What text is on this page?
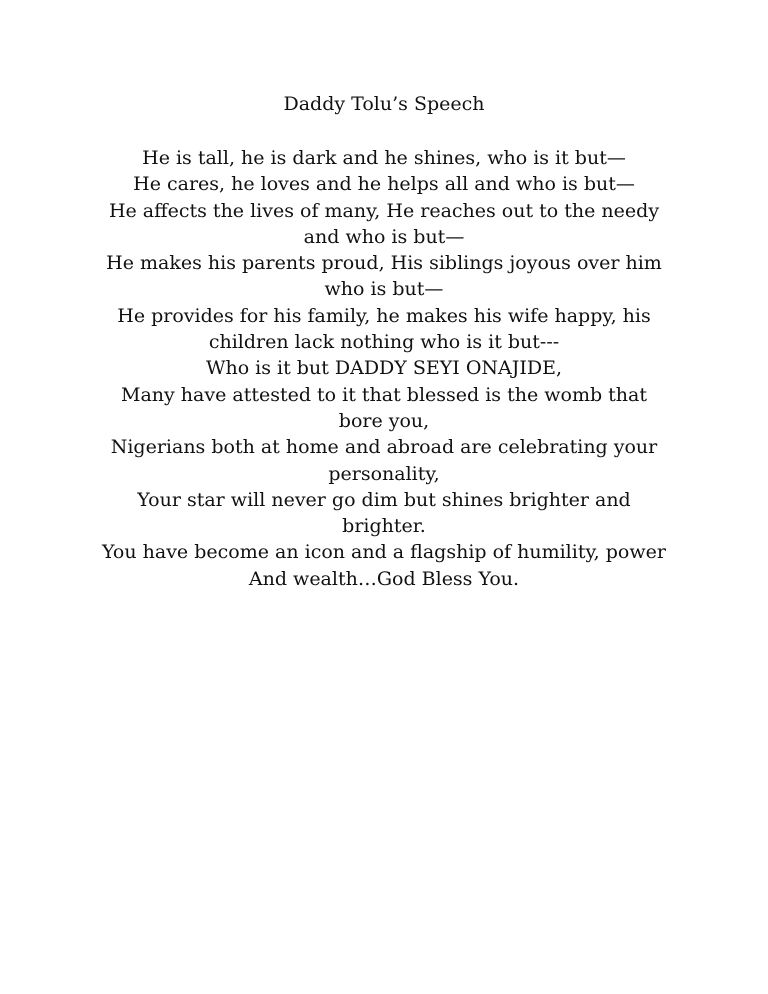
Daddy Tolu’s Speech
He is tall, he is dark and he shines, who is it but—
He cares, he loves and he helps all and who is but—
He affects the lives of many, He reaches out to the needy and who is but—
He makes his parents proud, His siblings joyous over him who is but—
He provides for his family, he makes his wife happy, his children lack nothing who is it but---
Who is it but DADDY SEYI ONAJIDE,
Many have attested to it that blessed is the womb that bore you,
Nigerians both at home and abroad are celebrating your personality,
Your star will never go dim but shines brighter and brighter.
You have become an icon and a flagship of humility, power
And wealth…God Bless You.
